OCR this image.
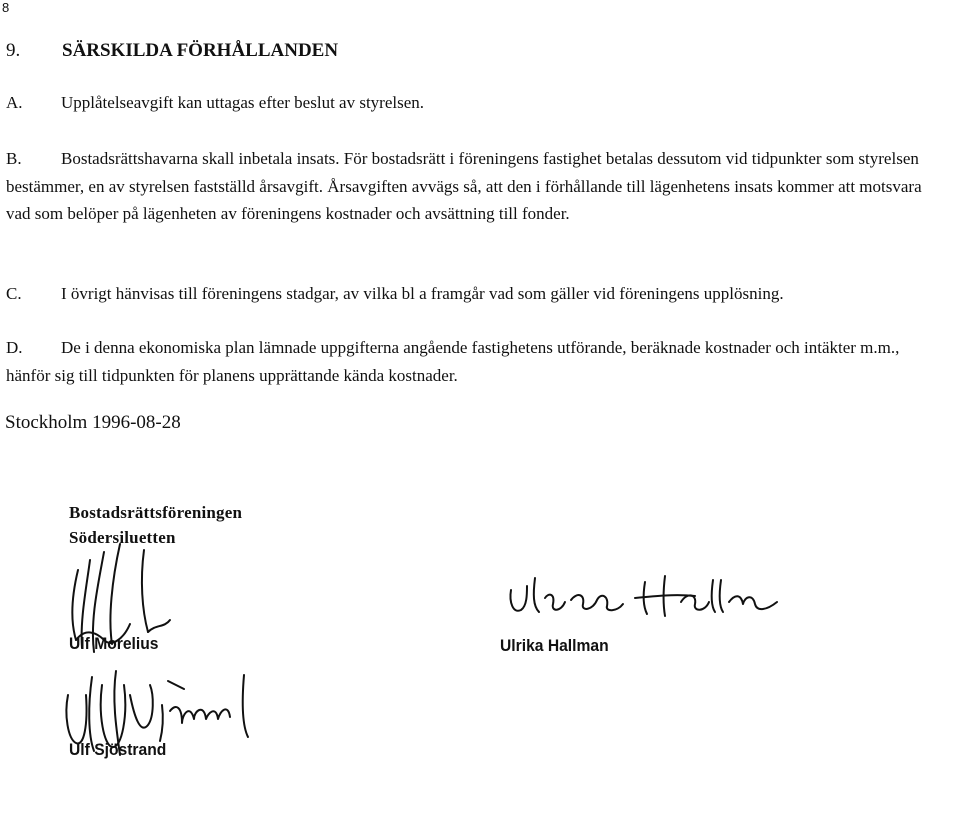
8
9. SÄRSKILDA FÖRHÅLLANDEN
A. Upplåtelseavgift kan uttagas efter beslut av styrelsen.
B.	Bostadsrättshavarna skall inbetala insats. För bostadsrätt i föreningens fastighet betalas dessutom vid tidpunkter som styrelsen bestämmer, en av styrelsen fastställd årsavgift. Årsavgiften avvägs så, att den i förhållande till lägenhetens insats kommer att motsvara vad som belöper på lägenheten av föreningens kostnader och avsättning till fonder.
C. I övrigt hänvisas till föreningens stadgar, av vilka bl a framgår vad som gäller vid föreningens upplösning.
D.	De i denna ekonomiska plan lämnade uppgifterna angående fastighetens utförande, beräknade kostnader och intäkter m.m., hänför sig till tidpunkten för planens upprättande kända kostnader.
Stockholm 1996-08-28
Bostadsrättsföreningen
Södersiluetten
Ulf Morelius	Ulrika Hallman
Ulf Sjöstrand
